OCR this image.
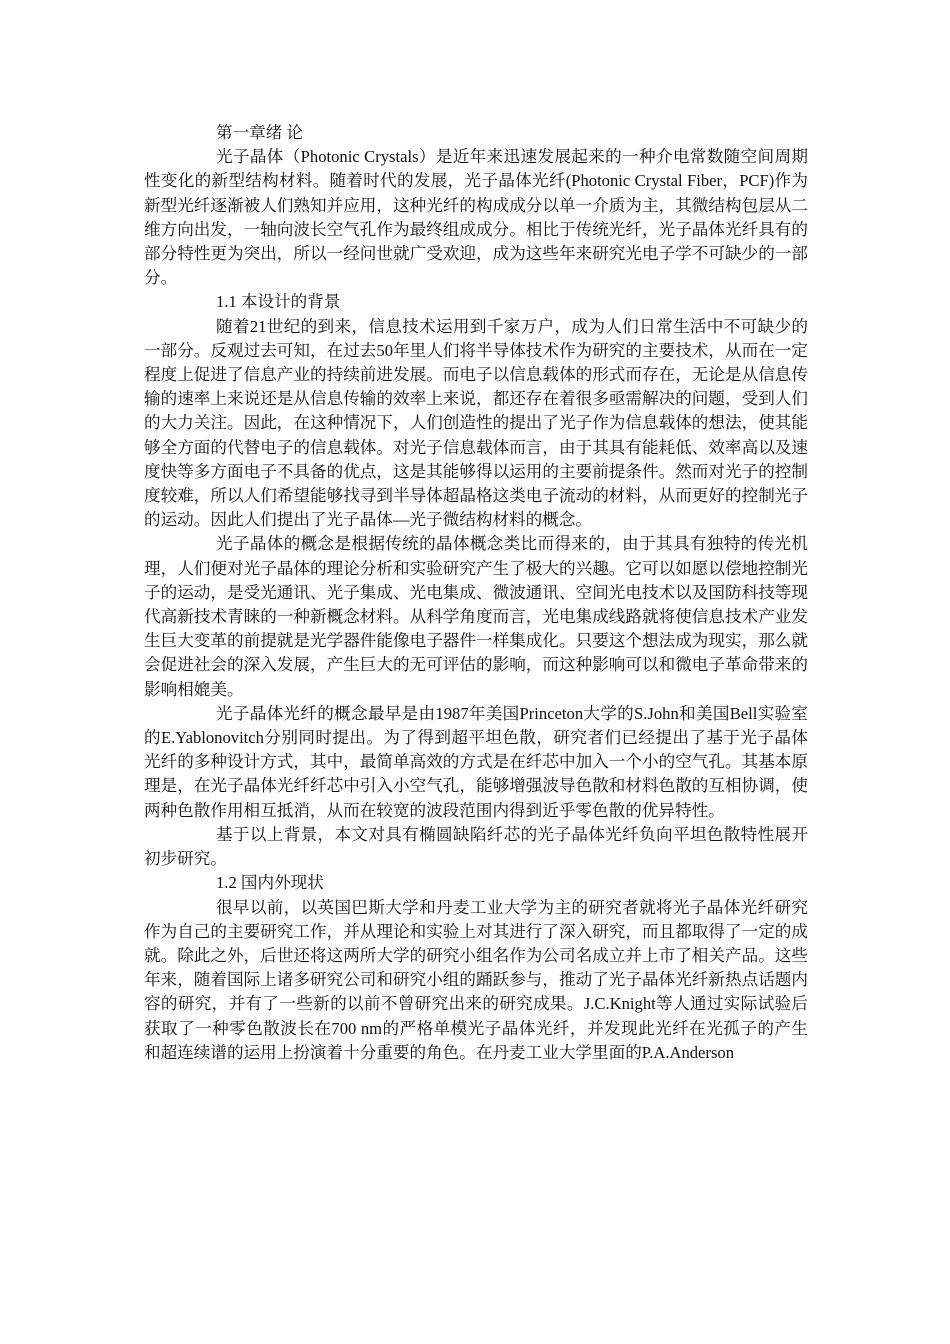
第一章绪 论

光子晶体（Photonic Crystals）是近年来迅速发展起来的一种介电常数随空间周期性变化的新型结构材料。随着时代的发展，光子晶体光纤(Photonic Crystal Fiber，PCF)作为新型光纤逐渐被人们熟知并应用，这种光纤的构成成分以单一介质为主，其微结构包层从二维方向出发，一轴向波长空气孔作为最终组成成分。相比于传统光纤，光子晶体光纤具有的部分特性更为突出，所以一经问世就广受欢迎，成为这些年来研究光电子学不可缺少的一部分。

1.1 本设计的背景

随着21世纪的到来，信息技术运用到千家万户，成为人们日常生活中不可缺少的一部分。反观过去可知，在过去50年里人们将半导体技术作为研究的主要技术，从而在一定程度上促进了信息产业的持续前进发展。而电子以信息载体的形式而存在，无论是从信息传输的速率上来说还是从信息传输的效率上来说，都还存在着很多亟需解决的问题，受到人们的大力关注。因此，在这种情况下，人们创造性的提出了光子作为信息载体的想法，使其能够全方面的代替电子的信息载体。对光子信息载体而言，由于其具有能耗低、效率高以及速度快等多方面电子不具备的优点，这是其能够得以运用的主要前提条件。然而对光子的控制度较难，所以人们希望能够找寻到半导体超晶格这类电子流动的材料，从而更好的控制光子的运动。因此人们提出了光子晶体—光子微结构材料的概念。

光子晶体的概念是根据传统的晶体概念类比而得来的，由于其具有独特的传光机理，人们便对光子晶体的理论分析和实验研究产生了极大的兴趣。它可以如愿以偿地控制光子的运动，是受光通讯、光子集成、光电集成、微波通讯、空间光电技术以及国防科技等现代高新技术青睐的一种新概念材料。从科学角度而言，光电集成线路就将使信息技术产业发生巨大变革的前提就是光学器件能像电子器件一样集成化。只要这个想法成为现实，那么就会促进社会的深入发展，产生巨大的无可评估的影响，而这种影响可以和微电子革命带来的影响相媲美。

光子晶体光纤的概念最早是由1987年美国Princeton大学的S.John和美国Bell实验室的E.Yablonovitch分别同时提出。为了得到超平坦色散，研究者们已经提出了基于光子晶体光纤的多种设计方式，其中，最简单高效的方式是在纤芯中加入一个小的空气孔。其基本原理是，在光子晶体光纤纤芯中引入小空气孔，能够增强波导色散和材料色散的互相协调，使两种色散作用相互抵消，从而在较宽的波段范围内得到近乎零色散的优异特性。

基于以上背景，本文对具有椭圆缺陷纤芯的光子晶体光纤负向平坦色散特性展开初步研究。

1.2 国内外现状

很早以前，以英国巴斯大学和丹麦工业大学为主的研究者就将光子晶体光纤研究作为自己的主要研究工作，并从理论和实验上对其进行了深入研究，而且都取得了一定的成就。除此之外，后世还将这两所大学的研究小组名作为公司名成立并上市了相关产品。这些年来，随着国际上诸多研究公司和研究小组的踊跃参与，推动了光子晶体光纤新热点话题内容的研究，并有了一些新的以前不曾研究出来的研究成果。J.C.Knight等人通过实际试验后获取了一种零色散波长在700 nm的严格单模光子晶体光纤，并发现此光纤在光孤子的产生和超连续谱的运用上扮演着十分重要的角色。在丹麦工业大学里面的P.A.Anderson
